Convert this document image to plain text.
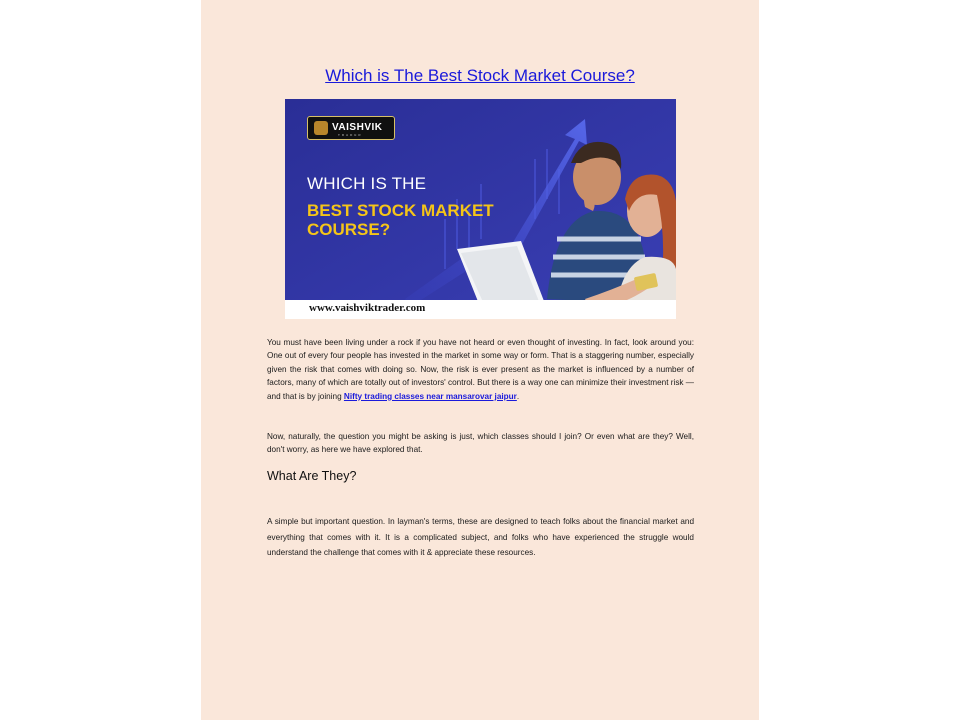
Which is The Best Stock Market Course?
VAISHVIK
TRADER
WHICH IS THE
BEST STOCK MARKET COURSE?
www.vaishviktrader.com

You must have been living under a rock if you have not heard or even thought of investing. In fact, look around you: One out of every four people has invested in the market in some way or form. That is a staggering number, especially given the risk that comes with doing so. Now, the risk is ever present as the market is influenced by a number of factors, many of which are totally out of investors' control. But there is a way one can minimize their investment risk — and that is by joining Nifty trading classes near mansarovar jaipur.

Now, naturally, the question you might be asking is just, which classes should I join? Or even what are they? Well, don't worry, as here we have explored that.

What Are They?

A simple but important question. In layman's terms, these are designed to teach folks about the financial market and everything that comes with it. It is a complicated subject, and folks who have experienced the struggle would understand the challenge that comes with it & appreciate these resources.
